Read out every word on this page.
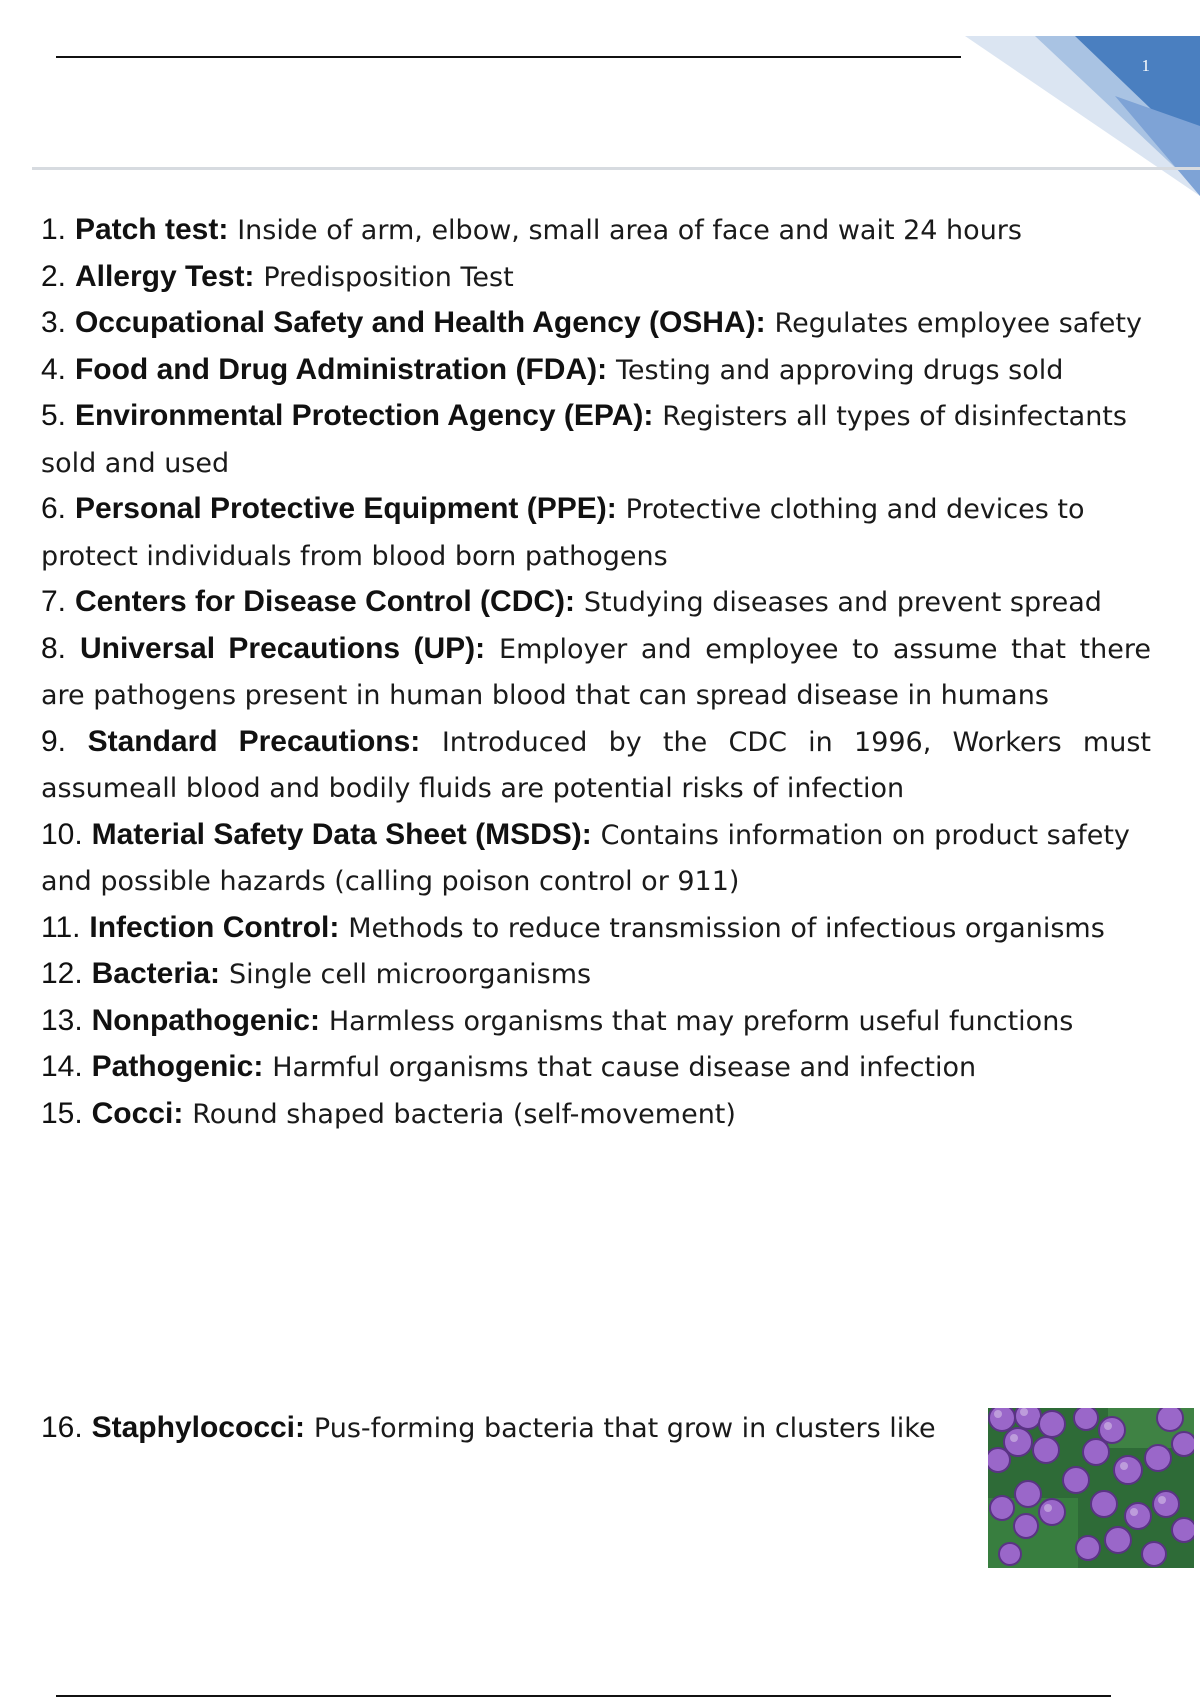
1
1. Patch test: Inside of arm, elbow, small area of face and wait 24 hours
2. Allergy Test: Predisposition Test
3. Occupational Safety and Health Agency (OSHA): Regulates employee safety
4. Food and Drug Administration (FDA): Testing and approving drugs sold
5. Environmental Protection Agency (EPA): Registers all types of disinfectants sold and used
6. Personal Protective Equipment (PPE): Protective clothing and devices to protect individuals from blood born pathogens
7. Centers for Disease Control (CDC): Studying diseases and prevent spread
8. Universal Precautions (UP): Employer and employee to assume that there are pathogens present in human blood that can spread disease in humans
9. Standard Precautions: Introduced by the CDC in 1996, Workers must assumeall blood and bodily fluids are potential risks of infection
10. Material Safety Data Sheet (MSDS): Contains information on product safety and possible hazards (calling poison control or 911)
11. Infection Control: Methods to reduce transmission of infectious organisms
12. Bacteria: Single cell microorganisms
13. Nonpathogenic: Harmless organisms that may preform useful functions
14. Pathogenic: Harmful organisms that cause disease and infection
15. Cocci: Round shaped bacteria (self-movement)

16. Staphylococci: Pus-forming bacteria that grow in clusters like
